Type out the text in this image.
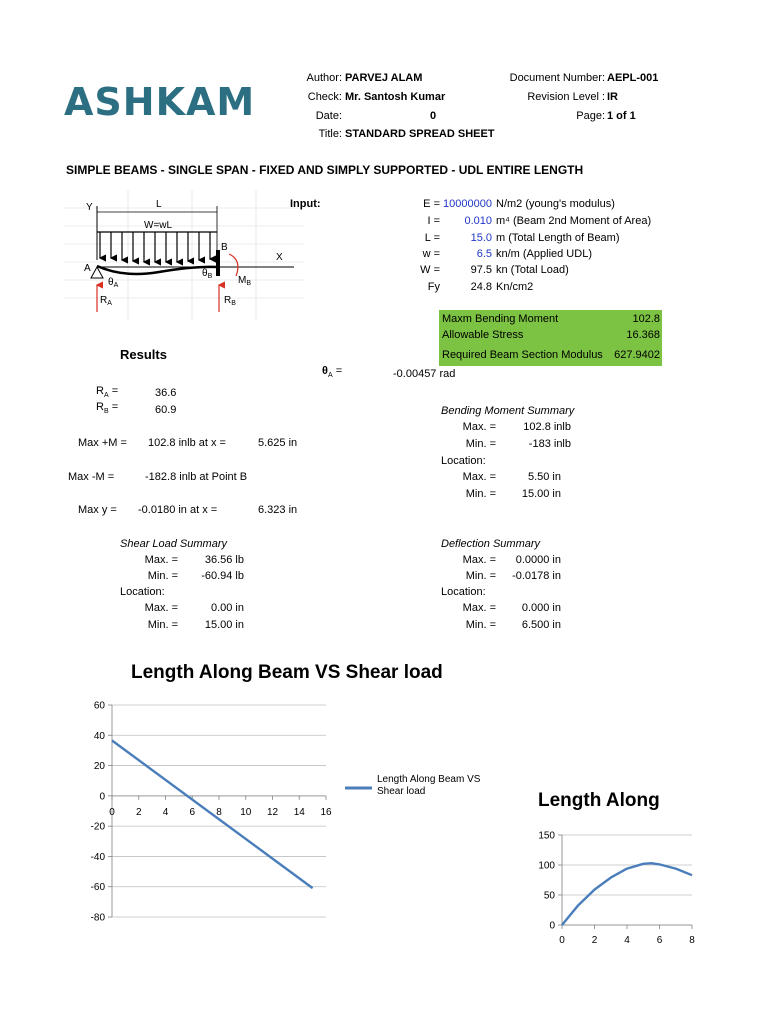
ASHKAM
Author: PARVEJ ALAM
Check: Mr. Santosh Kumar
Date:	0
Title: STANDARD SPREAD SHEET
Document Number: AEPL-001
Revision Level : IR
Page: 1 of 1
SIMPLE BEAMS - SINGLE SPAN - FIXED AND SIMPLY SUPPORTED - UDL ENTIRE LENGTH
Y
X
L
W=wL
A
B
$\theta_A$
$\theta_B$	$M_B$
$R_A$	$R_B$
Input:	E = 10000000 N/m2 (young's modulus)
I = 0.010 m⁴ (Beam 2nd Moment of Area)
L =	15.0 m (Total Length of Beam)
w =	6.5 kn/m (Applied UDL)
W =	97.5 kn (Total Load)
Fy	24.8 Kn/cm2
Maxm Bending Moment	102.8
Allowable Stress	16.368
Required Beam Section Modulus	627.9402
Results
$\theta_A$ =	-0.00457 rad
$R_A$ =	36.6
$R_B$ =	60.9
Max +M = 102.8 inlb at x =	5.625 in
Max -M =	-182.8 inlb at Point B
Max y = -0.0180 in at x =	6.323 in
Bending Moment Summary
Max. = 102.8 inlb
Min. =	-183 inlb
Location:
Max. =	5.50 in
Min. = 15.00 in
Shear Load Summary
Max. = 36.56 lb
Min. = -60.94 lb
Location:
Max. =	0.00 in
Min. = 15.00 in
Deflection Summary
Max. = 0.0000 in
Min. = -0.0178 in
Location:
Max. = 0.000 in
Min. = 6.500 in
Length Along Beam VS Shear load
-80
-60
-40
-20
0
20
40
60
0 2 4 6 8 10 12 14 16
Length Along Beam VS Shear load	Length Along
0
50
100
150
0	2	4	6	8
